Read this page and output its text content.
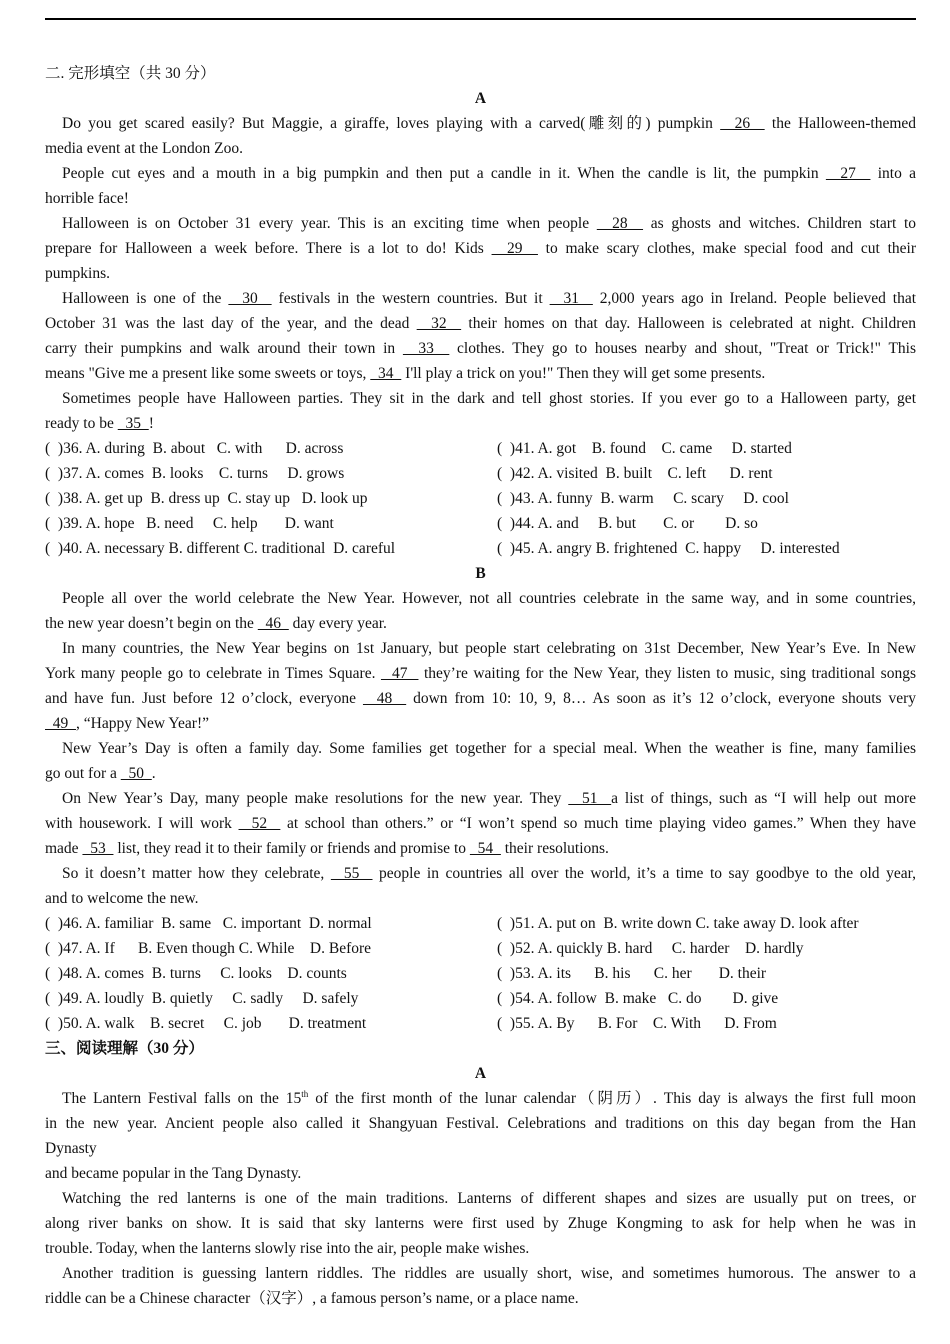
二. 完形填空（共 30 分）
A
Do you get scared easily? But Maggie, a giraffe, loves playing with a carved(雕刻的) pumpkin   26   the Halloween-themed
media event at the London Zoo.
People cut eyes and a mouth in a big pumpkin and then put a candle in it. When the candle is lit, the pumpkin   27   into a
horrible face!
Halloween is on October 31 every year. This is an exciting time when people   28   as ghosts and witches. Children start to
prepare for Halloween a week before. There is a lot to do! Kids   29   to make scary clothes, make special food and cut their
pumpkins.
Halloween is one of the   30   festivals in the western countries. But it   31   2,000 years ago in Ireland. People believed that
October 31 was the last day of the year, and the dead   32   their homes on that day. Halloween is celebrated at night. Children
carry their pumpkins and walk around their town in   33   clothes. They go to houses nearby and shout, "Treat or Trick!" This
means "Give me a present like some sweets or toys,   34   I'll play a trick on you!" Then they will get some presents.
Sometimes people have Halloween parties. They sit in the dark and tell ghost stories. If you ever go to a Halloween party, get
ready to be   35  !
(  )36. A. during  B. about   C. with      D. across	(  )41. A. got    B. found    C. came     D. started
(  )37. A. comes  B. looks    C. turns     D. grows	(  )42. A. visited  B. built    C. left      D. rent
(  )38. A. get up  B. dress up  C. stay up   D. look up	(  )43. A. funny  B. warm     C. scary     D. cool
(  )39. A. hope   B. need     C. help       D. want	(  )44. A. and     B. but       C. or        D. so
(  )40. A. necessary B. different C. traditional  D. careful	(  )45. A. angry B. frightened  C. happy     D. interested
B
People all over the world celebrate the New Year. However, not all countries celebrate in the same way, and in some countries,
the new year doesn’t begin on the   46   day every year.
In many countries, the New Year begins on 1st January, but people start celebrating on 31st December, New Year’s Eve. In New
York many people go to celebrate in Times Square.   47   they’re waiting for the New Year, they listen to music, sing traditional songs
and have fun. Just before 12 o’clock, everyone   48   down from 10: 10, 9, 8… As soon as it’s 12 o’clock, everyone shouts very
49  , “Happy New Year!”
New Year’s Day is often a family day. Some families get together for a special meal. When the weather is fine, many families
go out for a   50  .
On New Year’s Day, many people make resolutions for the new year. They   51  a list of things, such as “I will help out more
with housework. I will work   52   at school than others.” or “I won’t spend so much time playing video games.” When they have
made   53   list, they read it to their family or friends and promise to   54   their resolutions.
So it doesn’t matter how they celebrate,   55   people in countries all over the world, it’s a time to say goodbye to the old year,
and to welcome the new.
(  )46. A. familiar  B. same   C. important  D. normal	(  )51. A. put on  B. write down C. take away D. look after
(  )47. A. If      B. Even though C. While    D. Before	(  )52. A. quickly B. hard     C. harder    D. hardly
(  )48. A. comes  B. turns     C. looks    D. counts	(  )53. A. its      B. his      C. her       D. their
(  )49. A. loudly  B. quietly     C. sadly     D. safely	(  )54. A. follow  B. make   C. do        D. give
(  )50. A. walk    B. secret     C. job       D. treatment	(  )55. A. By      B. For    C. With      D. From
三、阅读理解（30 分）
A
The Lantern Festival falls on the 15th of the first month of the lunar calendar（阴历）. This day is always the first full moon
in the new year. Ancient people also called it Shangyuan Festival. Celebrations and traditions on this day began from the Han
Dynasty
and became popular in the Tang Dynasty.
Watching the red lanterns is one of the main traditions. Lanterns of different shapes and sizes are usually put on trees, or
along river banks on show. It is said that sky lanterns were first used by Zhuge Kongming to ask for help when he was in
trouble. Today, when the lanterns slowly rise into the air, people make wishes.
Another tradition is guessing lantern riddles. The riddles are usually short, wise, and sometimes humorous. The answer to a
riddle can be a Chinese character（汉字）, a famous person’s name, or a place name.
